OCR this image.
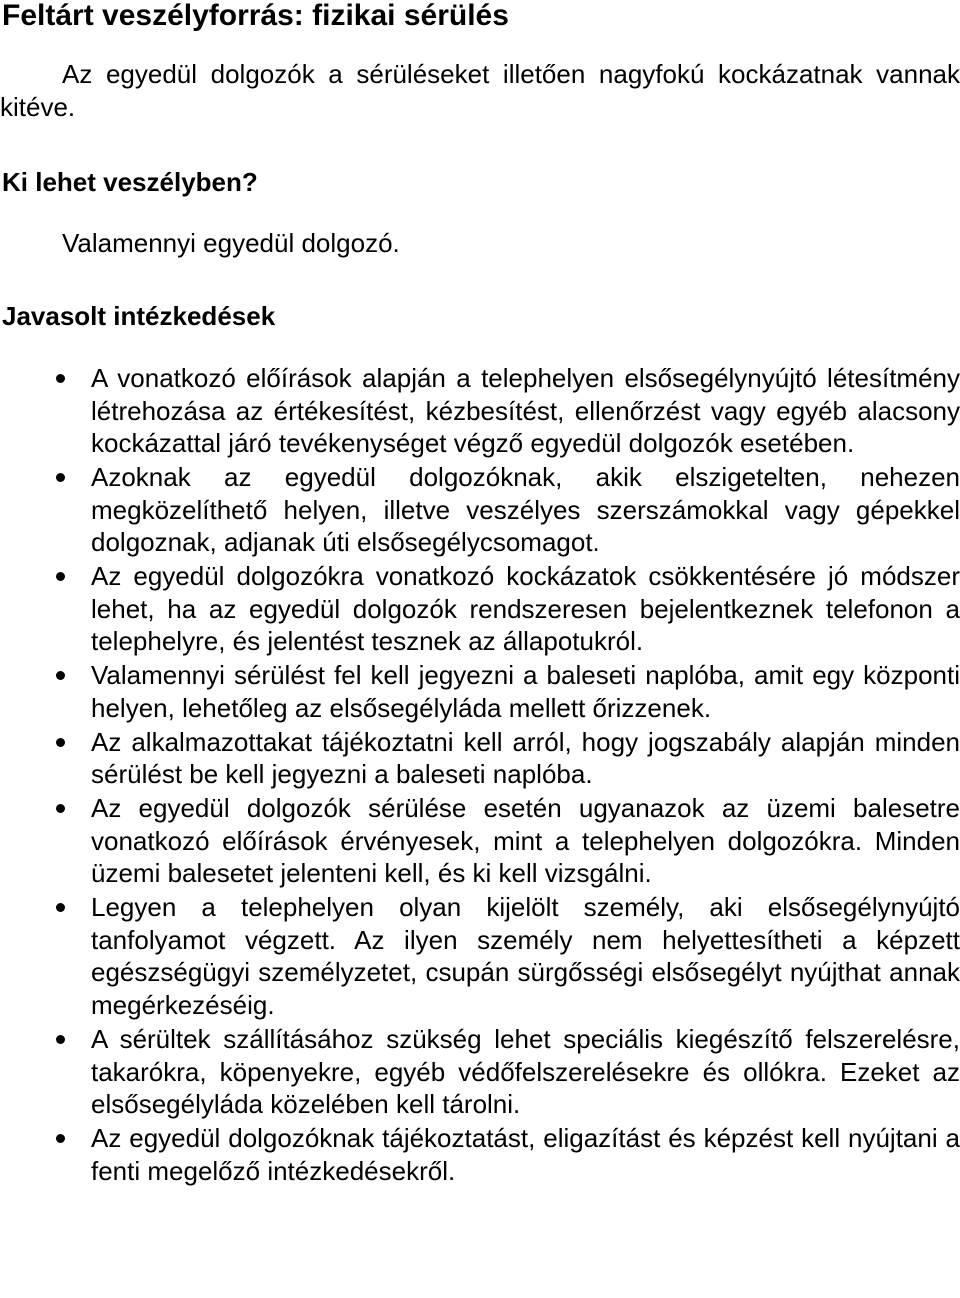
Feltárt veszélyforrás: fizikai sérülés

Az egyedül dolgozók a sérüléseket illetően nagyfokú kockázatnak vannak kitéve.

Ki lehet veszélyben?

Valamennyi egyedül dolgozó.

Javasolt intézkedések
A vonatkozó előírások alapján a telephelyen elsősegélynyújtó létesítmény létrehozása az értékesítést, kézbesítést, ellenőrzést vagy egyéb alacsony kockázattal járó tevékenységet végző egyedül dolgozók esetében.
Azoknak az egyedül dolgozóknak, akik elszigetelten, nehezen megközelíthető helyen, illetve veszélyes szerszámokkal vagy gépekkel dolgoznak, adjanak úti elsősegélycsomagot.
Az egyedül dolgozókra vonatkozó kockázatok csökkentésére jó módszer lehet, ha az egyedül dolgozók rendszeresen bejelentkeznek telefonon a telephelyre, és jelentést tesznek az állapotukról.
Valamennyi sérülést fel kell jegyezni a baleseti naplóba, amit egy központi helyen, lehetőleg az elsősegélyláda mellett őrizzenek.
Az alkalmazottakat tájékoztatni kell arról, hogy jogszabály alapján minden sérülést be kell jegyezni a baleseti naplóba.
Az egyedül dolgozók sérülése esetén ugyanazok az üzemi balesetre vonatkozó előírások érvényesek, mint a telephelyen dolgozókra. Minden üzemi balesetet jelenteni kell, és ki kell vizsgálni.
Legyen a telephelyen olyan kijelölt személy, aki elsősegélynyújtó tanfolyamot végzett. Az ilyen személy nem helyettesítheti a képzett egészségügyi személyzetet, csupán sürgősségi elsősegélyt nyújthat annak megérkezéséig.
A sérültek szállításához szükség lehet speciális kiegészítő felszerelésre, takarókra, köpenyekre, egyéb védőfelszerelésekre és ollókra. Ezeket az elsősegélyláda közelében kell tárolni.
Az egyedül dolgozóknak tájékoztatást, eligazítást és képzést kell nyújtani a fenti megelőző intézkedésekről.
